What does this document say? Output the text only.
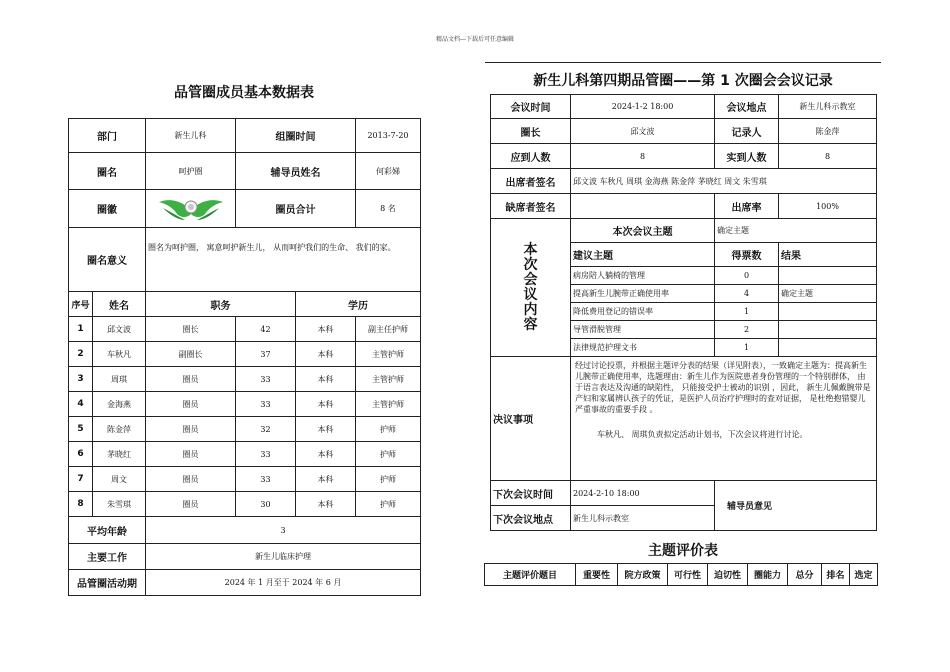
精品文档---下载后可任意编辑
品管圈成员基本数据表
部门		新生儿科	组圈时间		2013-7-20
圈名		呵护圈	辅导员姓名		何彩娣
圈徽			圈员合计		8 名
圈名意义		圈名为呵护圈， 寓意呵护新生儿， 从而呵护我们的生命、 我们的家。			
序号	姓名	职务		学历	
1	邱文波	圈长	42	本科	副主任护师
2	车秋凡	副圈长	37	本科	主管护师
3	周琪	圈员	33	本科	主管护师
4	金海燕	圈员	33	本科	主管护师
5	陈金萍	圈员	32	本科	护师
6	茅晓红	圈员	33	本科	护师
7	周文	圈员	33	本科	护师
8	朱雪琪	圈员	30	本科	护师
平均年龄		3			
主要工作		新生儿临床护理			
品管圈活动期		2024 年 1 月至于 2024 年 6 月			
新生儿科第四期品管圈——第 1 次圈会会议记录
会议时间	2024-1-2 18:00	会议地点	新生儿科示教室
圈长	邱文波	记录人	陈金萍
应到人数	8	实到人数	8
出席者签名	邱文波 车秋凡 周琪 金海燕 陈金萍 茅晓红 周文 朱雪琪		
缺席者签名		出席率	100%

本次会议内容	本次会议主题	确定主题	
	建议主题	得票数	结果
	病房陪人躺椅的管理	0	
	提高新生儿腕带正确使用率	4	确定主题
	降低费用登记的错误率	1	
	导管滑脱管理	2	
	法律规范护理文书	1	
决议事项	经过讨论投票，并根据主题评分表的结果（详见附表），一致确定主题为：提高新生儿腕带正确使用率，选题理由：新生儿作为医院患者身份管理的一个特别群体， 由于语言表达及沟通的缺陷性， 只能接受护士被动的识别 ，因此， 新生儿佩戴腕带是产妇和家属辨认孩子的凭证，是医护人员治疗护理时的查对证据， 是杜绝抱错婴儿严重事故的重要手段 。
车秋凡、 周琪负责拟定活动计划书，下次会议将进行讨论。		

下次会议时间	2024-2-10 18:00	辅导员意见	
下次会议地点	新生儿科示教室		
主题评价表
主题评价题目	重要性	院方政策	可行性	迫切性	圈能力	总分	排名	选定
